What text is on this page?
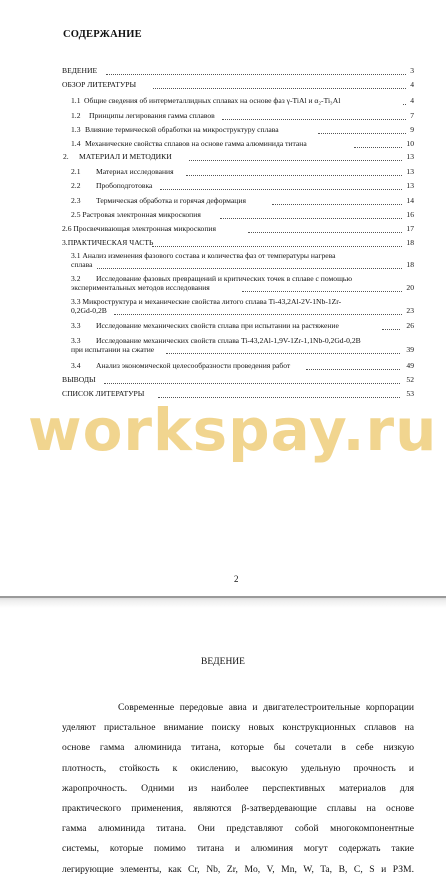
СОДЕРЖАНИЕ
ВЕДЕНИЕ	3
ОБЗОР ЛИТЕРАТУРЫ	4
1.1 Общие сведения об интерметаллидных сплавах на основе фаз γ-TiAl и α₂-Ti₃Al	4
1.2 Принципы легирования гамма сплавов	7
1.3 Влияние термической обработки на микроструктуру сплава	9
1.4 Механические свойства сплавов на основе гамма алюминида титана	10
2. МАТЕРИАЛ И МЕТОДИКИ	13
2.1 Материал исследования	13
2.2 Пробоподготовка	13
2.3 Термическая обработка и горячая деформация	14
2.5 Растровая электронная микроскопия	16
2.6 Просвечивающая электронная микроскопия	17
3.ПРАКТИЧЕСКАЯ ЧАСТЬ	18
3.1 Анализ изменения фазового состава и количества фаз от температуры нагрева
сплава	18
3.2 Исследование фазовых превращений и критических точек в сплаве с помощью
экспериментальных методов исследования	20
3.3 Микроструктура и механические свойства литого сплава Ti-43,2Al-2V-1Nb-1Zr-
0,2Gd-0,2B	23
3.3 Исследование механических свойств сплава при испытании на растяжение	26
3.3 Исследование механических свойств сплава Ti-43,2Al-1,9V-1Zr-1,1Nb-0,2Gd-0,2B
при испытании на сжатие	39
3.4 Анализ экономической целесообразности проведения работ	49
ВЫВОДЫ	52
СПИСОК ЛИТЕРАТУРЫ	53
workspay.ru
2
ВЕДЕНИЕ
Современные передовые авиа и двигателестроительные корпорации
уделяют пристальное внимание поиску новых конструкционных сплавов на
основе гамма алюминида титана, которые бы сочетали в себе низкую
плотность, стойкость к окислению, высокую удельную прочность и
жаропрочность. Одними из наиболее перспективных материалов для
практического применения, являются β-затвердевающие сплавы на основе
гамма алюминида титана. Они представляют собой многокомпонентные
системы, которые помимо титана и алюминия могут содержать такие
легирующие элементы, как Cr, Nb, Zr, Mo, V, Mn, W, Ta, B, C, S и РЗМ.
